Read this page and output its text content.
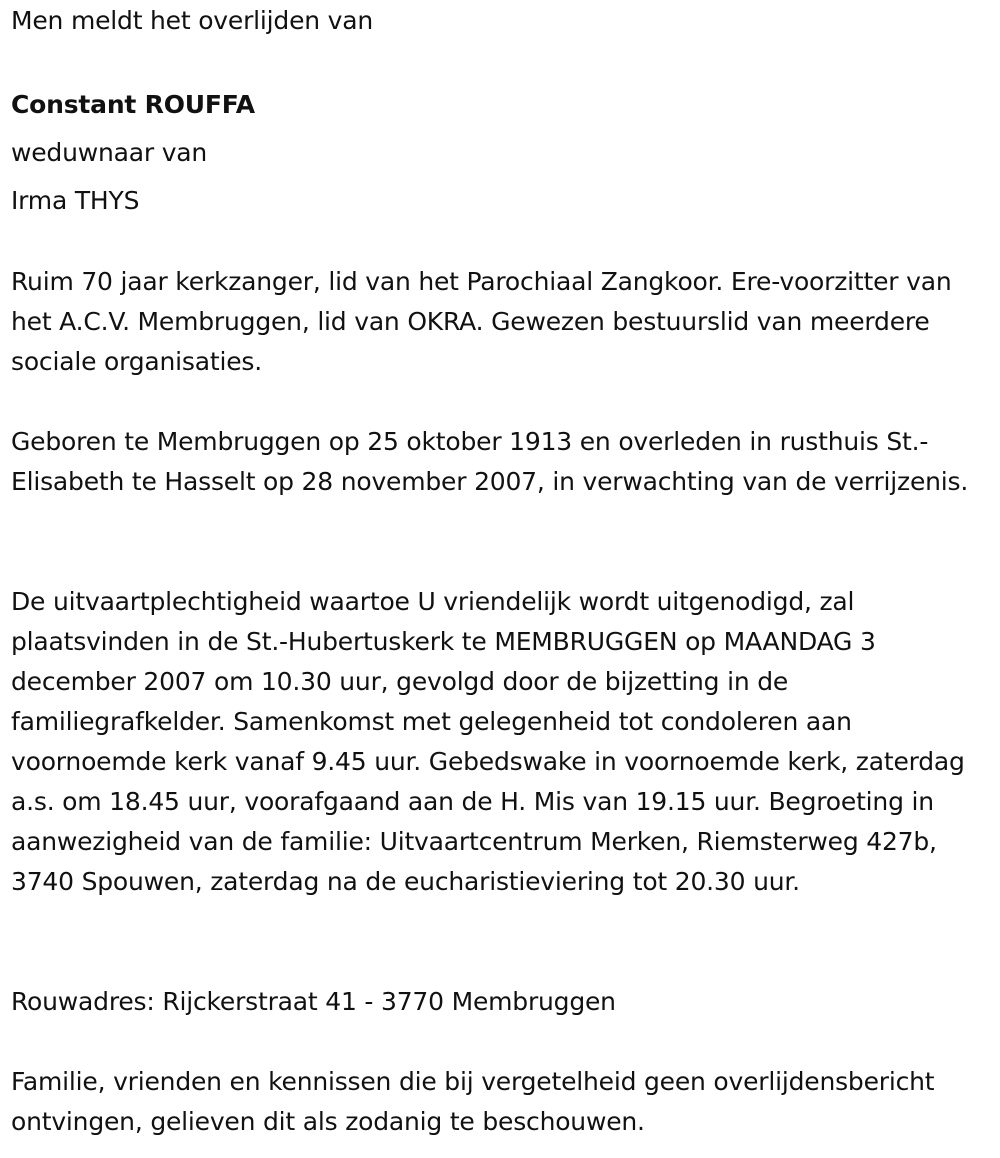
Men meldt het overlijden van
Constant ROUFFA
weduwnaar van
Irma THYS

Ruim 70 jaar kerkzanger, lid van het Parochiaal Zangkoor. Ere-voorzitter van het A.C.V. Membruggen, lid van OKRA. Gewezen bestuurslid van meerdere sociale organisaties.

Geboren te Membruggen op 25 oktober 1913 en overleden in rusthuis St.-Elisabeth te Hasselt op 28 november 2007, in verwachting van de verrijzenis.

De uitvaartplechtigheid waartoe U vriendelijk wordt uitgenodigd, zal plaatsvinden in de St.-Hubertuskerk te MEMBRUGGEN op MAANDAG 3 december 2007 om 10.30 uur, gevolgd door de bijzetting in de familiegrafkelder. Samenkomst met gelegenheid tot condoleren aan voornoemde kerk vanaf 9.45 uur. Gebedswake in voornoemde kerk, zaterdag a.s. om 18.45 uur, voorafgaand aan de H. Mis van 19.15 uur. Begroeting in aanwezigheid van de familie: Uitvaartcentrum Merken, Riemsterweg 427b, 3740 Spouwen, zaterdag na de eucharistieviering tot 20.30 uur.

Rouwadres: Rijckerstraat 41 - 3770 Membruggen

Familie, vrienden en kennissen die bij vergetelheid geen overlijdensbericht ontvingen, gelieven dit als zodanig te beschouwen.
